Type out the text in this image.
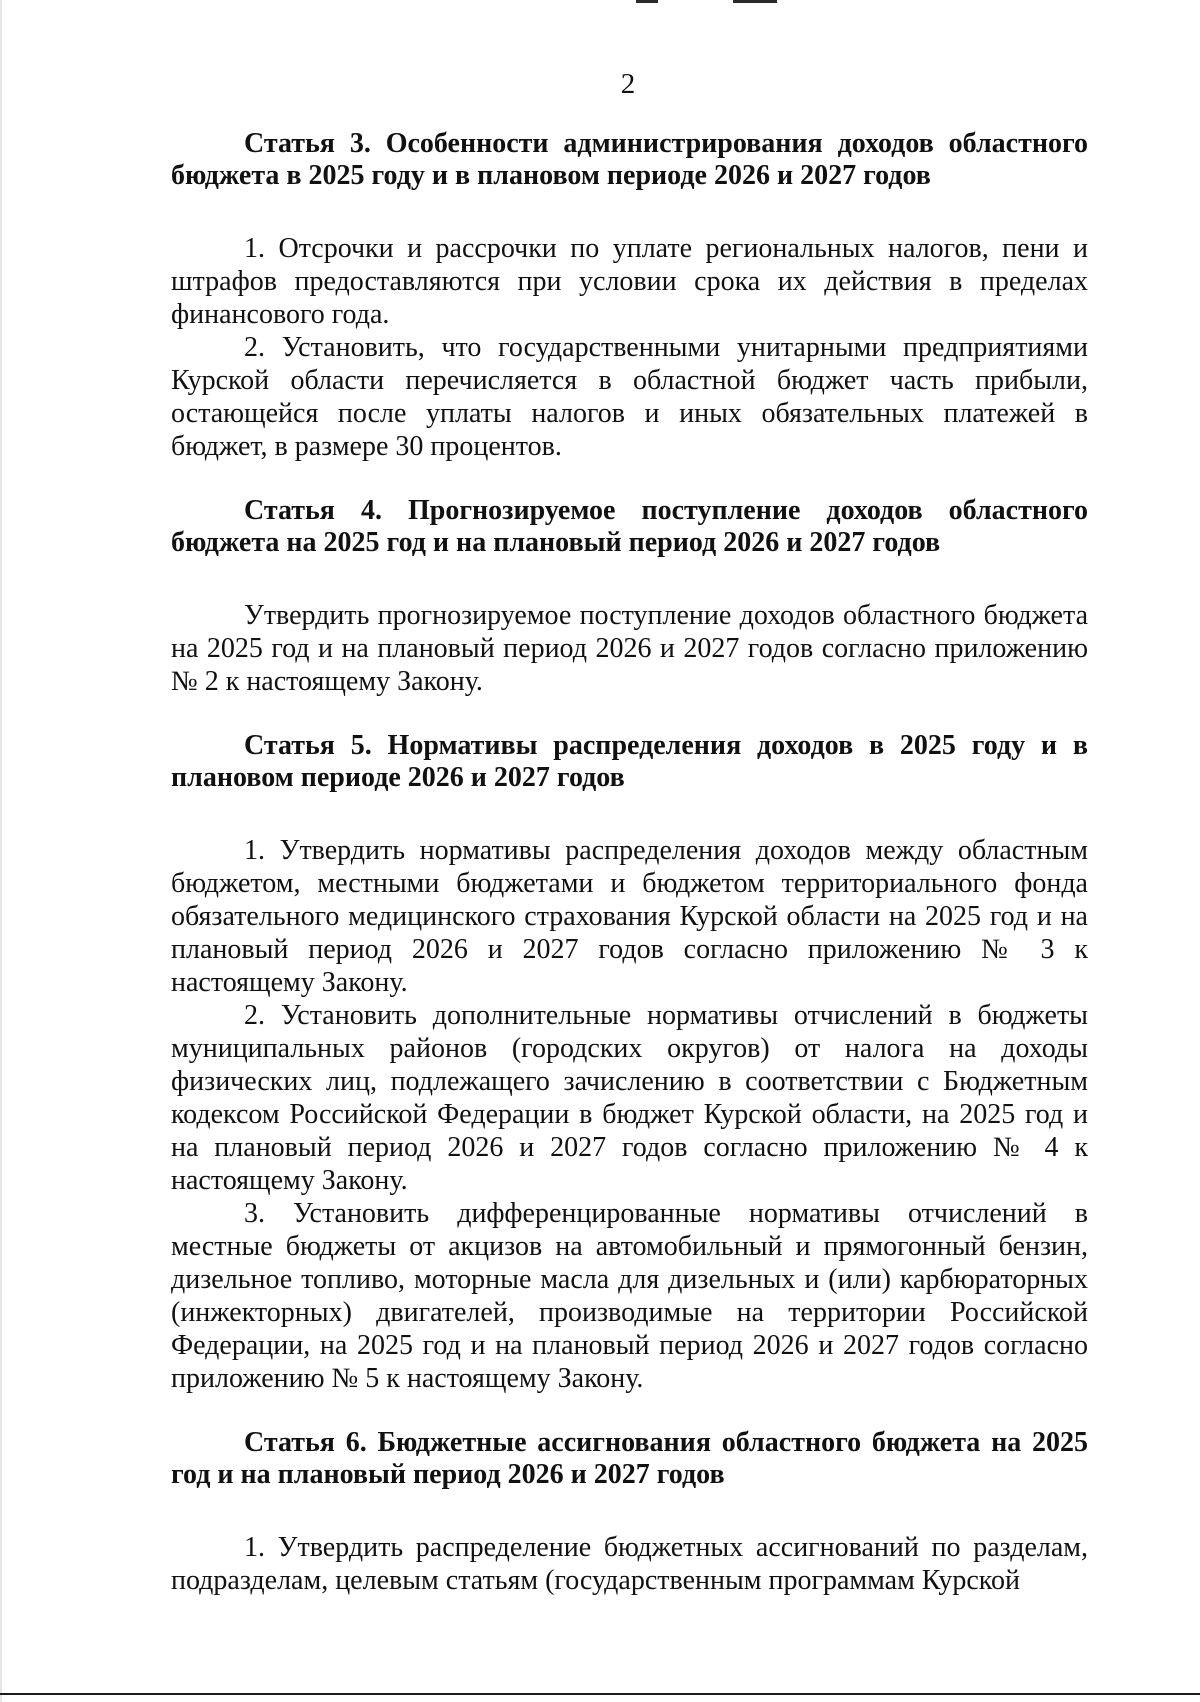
2

Статья 3. Особенности администрирования доходов областного бюджета в 2025 году и в плановом периоде 2026 и 2027 годов

1. Отсрочки и рассрочки по уплате региональных налогов, пени и штрафов предоставляются при условии срока их действия в пределах финансового года.

2. Установить, что государственными унитарными предприятиями Курской области перечисляется в областной бюджет часть прибыли, остающейся после уплаты налогов и иных обязательных платежей в бюджет, в размере 30 процентов.

Статья 4. Прогнозируемое поступление доходов областного бюджета на 2025 год и на плановый период 2026 и 2027 годов

Утвердить прогнозируемое поступление доходов областного бюджета на 2025 год и на плановый период 2026 и 2027 годов согласно приложению № 2 к настоящему Закону.

Статья 5. Нормативы распределения доходов в 2025 году и в плановом периоде 2026 и 2027 годов

1. Утвердить нормативы распределения доходов между областным бюджетом, местными бюджетами и бюджетом территориального фонда обязательного медицинского страхования Курской области на 2025 год и на плановый период 2026 и 2027 годов согласно приложению № 3 к настоящему Закону.

2. Установить дополнительные нормативы отчислений в бюджеты муниципальных районов (городских округов) от налога на доходы физических лиц, подлежащего зачислению в соответствии с Бюджетным кодексом Российской Федерации в бюджет Курской области, на 2025 год и на плановый период 2026 и 2027 годов согласно приложению № 4 к настоящему Закону.

3. Установить дифференцированные нормативы отчислений в местные бюджеты от акцизов на автомобильный и прямогонный бензин, дизельное топливо, моторные масла для дизельных и (или) карбюраторных (инжекторных) двигателей, производимые на территории Российской Федерации, на 2025 год и на плановый период 2026 и 2027 годов согласно приложению № 5 к настоящему Закону.

Статья 6. Бюджетные ассигнования областного бюджета на 2025 год и на плановый период 2026 и 2027 годов

1. Утвердить распределение бюджетных ассигнований по разделам, подразделам, целевым статьям (государственным программам Курской
